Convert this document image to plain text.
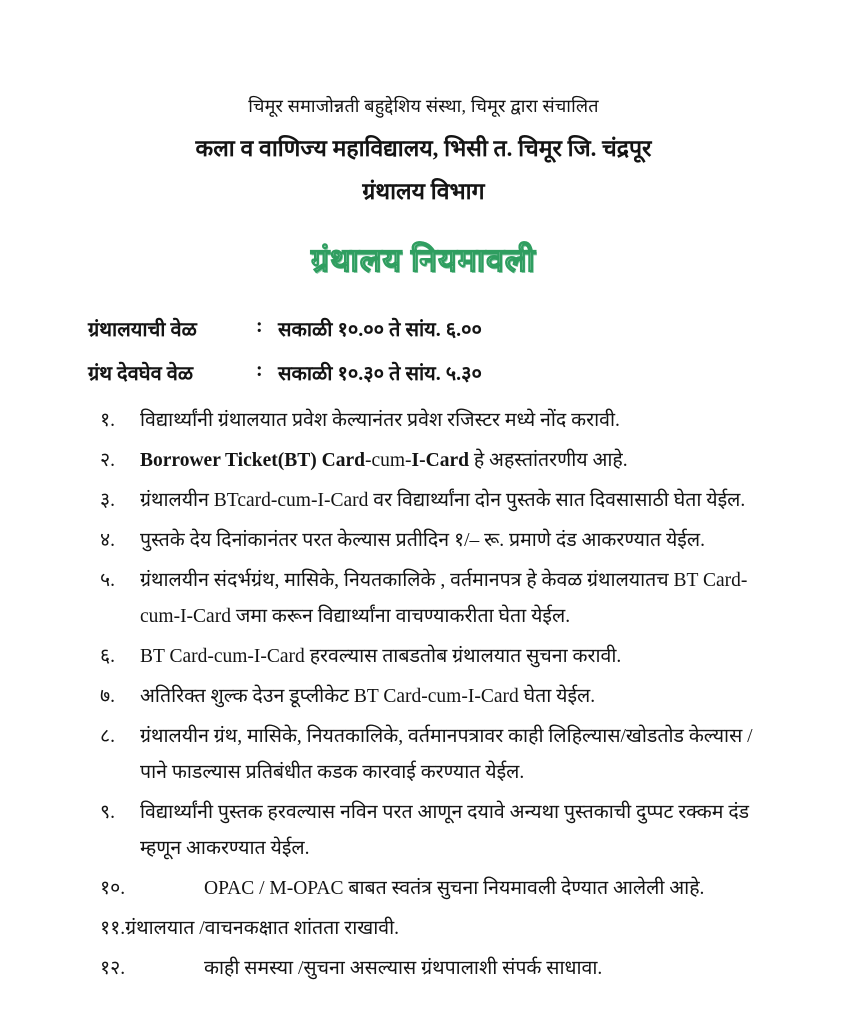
चिमूर समाजोन्नती बहुद्देशिय संस्था, चिमूर द्वारा संचालित
कला व वाणिज्य महाविद्यालय, भिसी त. चिमूर जि. चंद्रपूर
ग्रंथालय विभाग
ग्रंथालय नियमावली
ग्रंथालयाची वेळ	: सकाळी १०.०० ते सांय. ६.००
ग्रंथ देवघेव वेळ	: सकाळी १०.३० ते सांय. ५.३०
१. विद्यार्थ्यांनी ग्रंथालयात प्रवेश केल्यानंतर प्रवेश रजिस्टर मध्ये नोंद करावी.
२. Borrower Ticket(BT) Card-cum-I-Card हे अहस्तांतरणीय आहे.
३. ग्रंथालयीन BTcard-cum-I-Card वर विद्यार्थ्यांना दोन पुस्तके सात दिवसासाठी घेता येईल.
४. पुस्तके देय दिनांकानंतर परत केल्यास प्रतीदिन १/– रू. प्रमाणे दंड आकरण्यात येईल.
५. ग्रंथालयीन संदर्भग्रंथ, मासिके, नियतकालिके , वर्तमानपत्र हे केवळ ग्रंथालयातच BT Card-cum-I-Card जमा करून विद्यार्थ्यांना वाचण्याकरीता घेता येईल.
६. BT Card-cum-I-Card हरवल्यास ताबडतोब ग्रंथालयात सुचना करावी.
७. अतिरिक्त शुल्क देउन डूप्लीकेट BT Card-cum-I-Card घेता येईल.
८. ग्रंथालयीन ग्रंथ, मासिके, नियतकालिके, वर्तमानपत्रावर काही लिहिल्यास/खोडतोड केल्यास /पाने फाडल्यास प्रतिबंधीत कडक कारवाई करण्यात येईल.
९. विद्यार्थ्यांनी पुस्तक हरवल्यास नविन परत आणून दयावे अन्यथा पुस्तकाची दुप्पट रक्कम दंड म्हणून आकरण्यात येईल.
१०.	OPAC / M-OPAC बाबत स्वतंत्र सुचना नियमावली देण्यात आलेली आहे.
११.ग्रंथालयात /वाचनकक्षात शांतता राखावी.
१२.	काही समस्या /सुचना असल्यास ग्रंथपालाशी संपर्क साधावा.
